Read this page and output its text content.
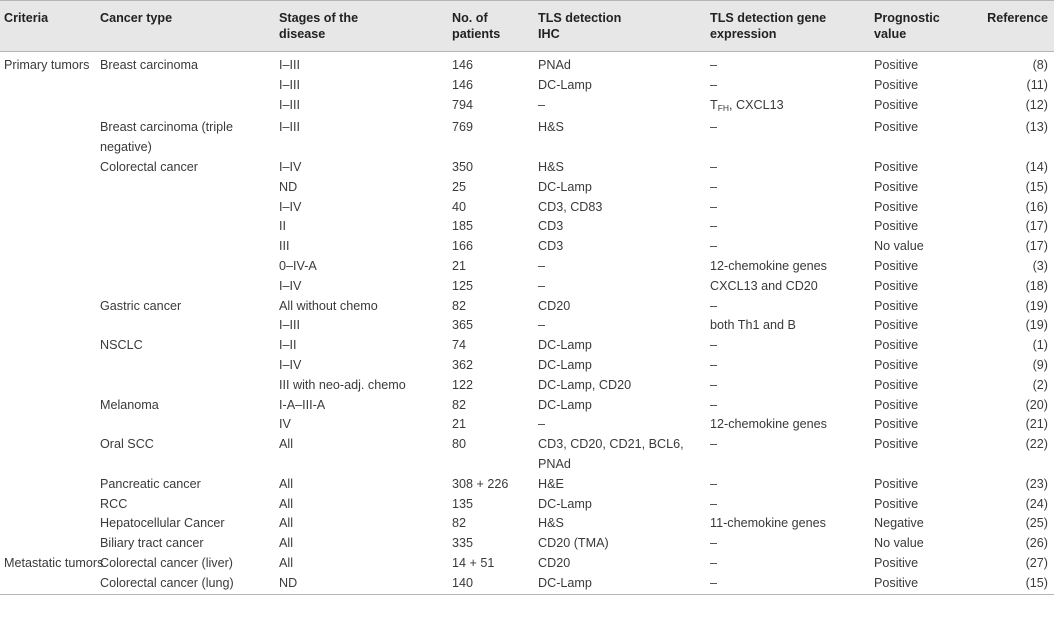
Criteria	Cancer type	Stages of the disease	No. of patients	TLS detection IHC	TLS detection gene expression	Prognostic value	Reference
Primary tumors	Breast carcinoma	I–III	146	PNAd	–	Positive	(8)
		I–III	146	DC-Lamp	–	Positive	(11)
		I–III	794	–	$T_{FH}$, CXCL13	Positive	(12)
	Breast carcinoma (triple negative)	I–III	769	H&S	–	Positive	(13)
	Colorectal cancer	I–IV	350	H&S	–	Positive	(14)
		ND	25	DC-Lamp	–	Positive	(15)
		I–IV	40	CD3, CD83	–	Positive	(16)
		II	185	CD3	–	Positive	(17)
		III	166	CD3	–	No value	(17)
		0–IV-A	21	–	12-chemokine genes	Positive	(3)
		I–IV	125	–	CXCL13 and CD20	Positive	(18)
	Gastric cancer	All without chemo	82	CD20	–	Positive	(19)
		I–III	365	–	both Th1 and B	Positive	(19)
	NSCLC	I–II	74	DC-Lamp	–	Positive	(1)
		I–IV	362	DC-Lamp	–	Positive	(9)
		III with neo-adj. chemo	122	DC-Lamp, CD20	–	Positive	(2)
	Melanoma	I-A–III-A	82	DC-Lamp	–	Positive	(20)
		IV	21	–	12-chemokine genes	Positive	(21)
	Oral SCC	All	80	CD3, CD20, CD21, BCL6, PNAd	–	Positive	(22)
	Pancreatic cancer	All	308 + 226	H&E	–	Positive	(23)
	RCC	All	135	DC-Lamp	–	Positive	(24)
	Hepatocellular Cancer	All	82	H&S	11-chemokine genes	Negative	(25)
	Biliary tract cancer	All	335	CD20 (TMA)	–	No value	(26)
Metastatic tumors	Colorectal cancer (liver)	All	14 + 51	CD20	–	Positive	(27)
	Colorectal cancer (lung)	ND	140	DC-Lamp	–	Positive	(15)
